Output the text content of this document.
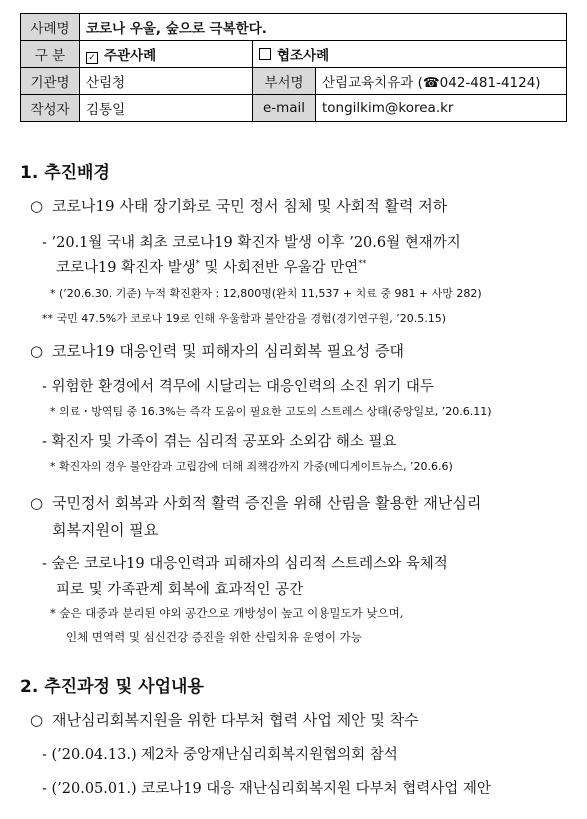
사례명	코로나 우울, 숲으로 극복한다.		
구 분	✓ 주관사례	협조사례	
기관명	산림청	부서명	산림교육치유과 (☎042-481-4124)
작성자	김통일	e-mail	tongilkim@korea.kr
1. 추진배경
○ 코로나19 사태 장기화로 국민 정서 침체 및 사회적 활력 저하
- ’20.1월 국내 최초 코로나19 확진자 발생 이후 ’20.6월 현재까지
코로나19 확진자 발생* 및 사회전반 우울감 만연**
* (’20.6.30. 기준) 누적 확진환자 : 12,800명(완치 11,537 + 치료 중 981 + 사망 282)
** 국민 47.5%가 코로나 19로 인해 우울함과 불안감을 경험(경기연구원, ’20.5.15)
○ 코로나19 대응인력 및 피해자의 심리회복 필요성 증대
- 위험한 환경에서 격무에 시달리는 대응인력의 소진 위기 대두
* 의료・방역팀 중 16.3%는 즉각 도움이 필요한 고도의 스트레스 상태(중앙일보, ’20.6.11)
- 확진자 및 가족이 겪는 심리적 공포와 소외감 해소 필요
* 확진자의 경우 불안감과 고립감에 더해 죄책감까지 가중(메디게이트뉴스, ’20.6.6)
○ 국민정서 회복과 사회적 활력 증진을 위해 산림을 활용한 재난심리
회복지원이 필요
- 숲은 코로나19 대응인력과 피해자의 심리적 스트레스와 육체적
피로 및 가족관계 회복에 효과적인 공간
* 숲은 대중과 분리된 야외 공간으로 개방성이 높고 이용밀도가 낮으며,
인체 면역력 및 심신건강 증진을 위한 산림치유 운영이 가능
2. 추진과정 및 사업내용
○ 재난심리회복지원을 위한 다부처 협력 사업 제안 및 착수
- (’20.04.13.) 제2차 중앙재난심리회복지원협의회 참석
- (’20.05.01.) 코로나19 대응 재난심리회복지원 다부처 협력사업 제안
